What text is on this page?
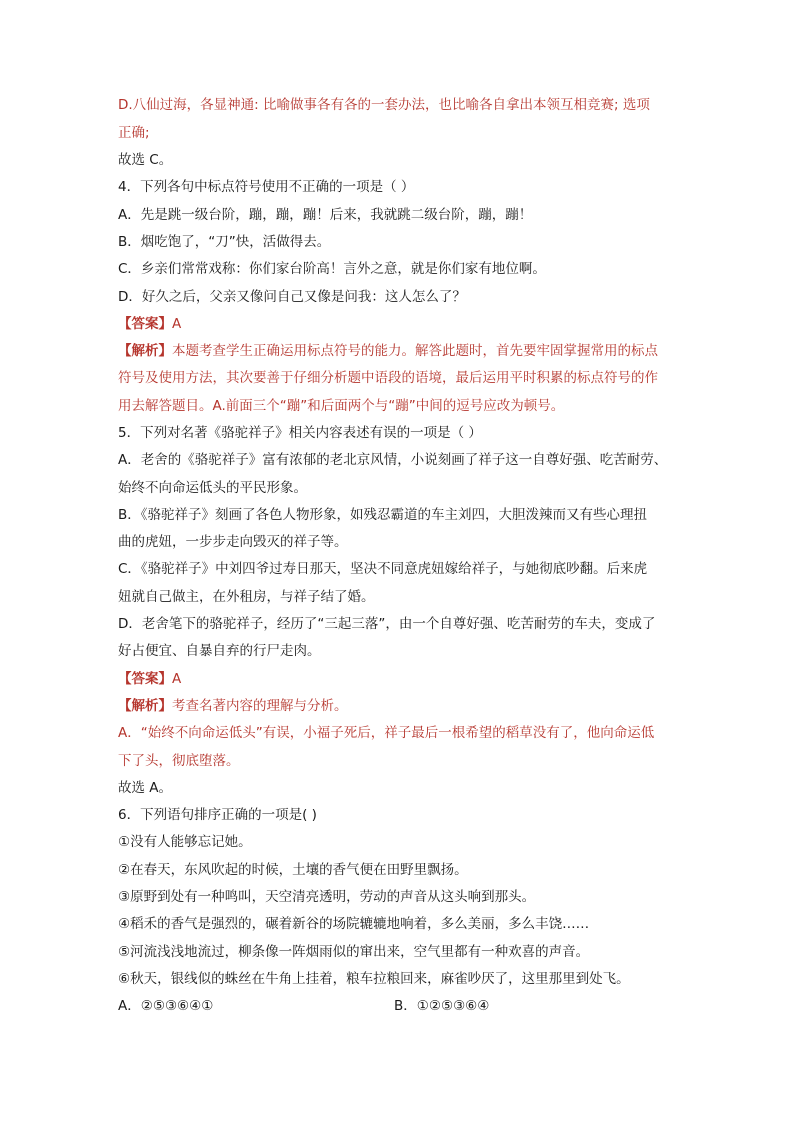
D.八仙过海，各显神通: 比喻做事各有各的一套办法，也比喻各自拿出本领互相竞赛; 选项
正确;
故选 C。
4．下列各句中标点符号使用不正确的一项是（ ）
A．先是跳一级台阶，蹦，蹦，蹦！后来，我就跳二级台阶，蹦，蹦！
B．烟吃饱了，“刀”快，活做得去。
C．乡亲们常常戏称：你们家台阶高！言外之意，就是你们家有地位啊。
D．好久之后，父亲又像问自己又像是问我：这人怎么了？
【答案】A
【解析】本题考查学生正确运用标点符号的能力。解答此题时，首先要牢固掌握常用的标点
符号及使用方法，其次要善于仔细分析题中语段的语境，最后运用平时积累的标点符号的作
用去解答题目。A.前面三个“蹦”和后面两个与“蹦”中间的逗号应改为顿号。
5．下列对名著《骆驼祥子》相关内容表述有误的一项是（ ）
A．老舍的《骆驼祥子》富有浓郁的老北京风情，小说刻画了祥子这一自尊好强、吃苦耐劳、
始终不向命运低头的平民形象。
B．《骆驼祥子》刻画了各色人物形象，如残忍霸道的车主刘四，大胆泼辣而又有些心理扭
曲的虎妞，一步步走向毁灭的祥子等。
C．《骆驼祥子》中刘四爷过寿日那天，坚决不同意虎妞嫁给祥子，与她彻底吵翻。后来虎
妞就自己做主，在外租房，与祥子结了婚。
D．老舍笔下的骆驼祥子，经历了“三起三落”，由一个自尊好强、吃苦耐劳的车夫，变成了
好占便宜、自暴自弃的行尸走肉。
【答案】A
【解析】考查名著内容的理解与分析。
A．“始终不向命运低头”有误，小福子死后，祥子最后一根希望的稻草没有了，他向命运低
下了头，彻底堕落。
故选 A。
6．下列语句排序正确的一项是( )
①没有人能够忘记她。
②在春天，东风吹起的时候，土壤的香气便在田野里飘扬。
③原野到处有一种鸣叫，天空清亮透明，劳动的声音从这头响到那头。
④稻禾的香气是强烈的，碾着新谷的场院辘辘地响着，多么美丽，多么丰饶……
⑤河流浅浅地流过，柳条像一阵烟雨似的窜出来，空气里都有一种欢喜的声音。
⑥秋天，银线似的蛛丝在牛角上挂着，粮车拉粮回来，麻雀吵厌了，这里那里到处飞。
A．②⑤③⑥④①	B．①②⑤③⑥④
